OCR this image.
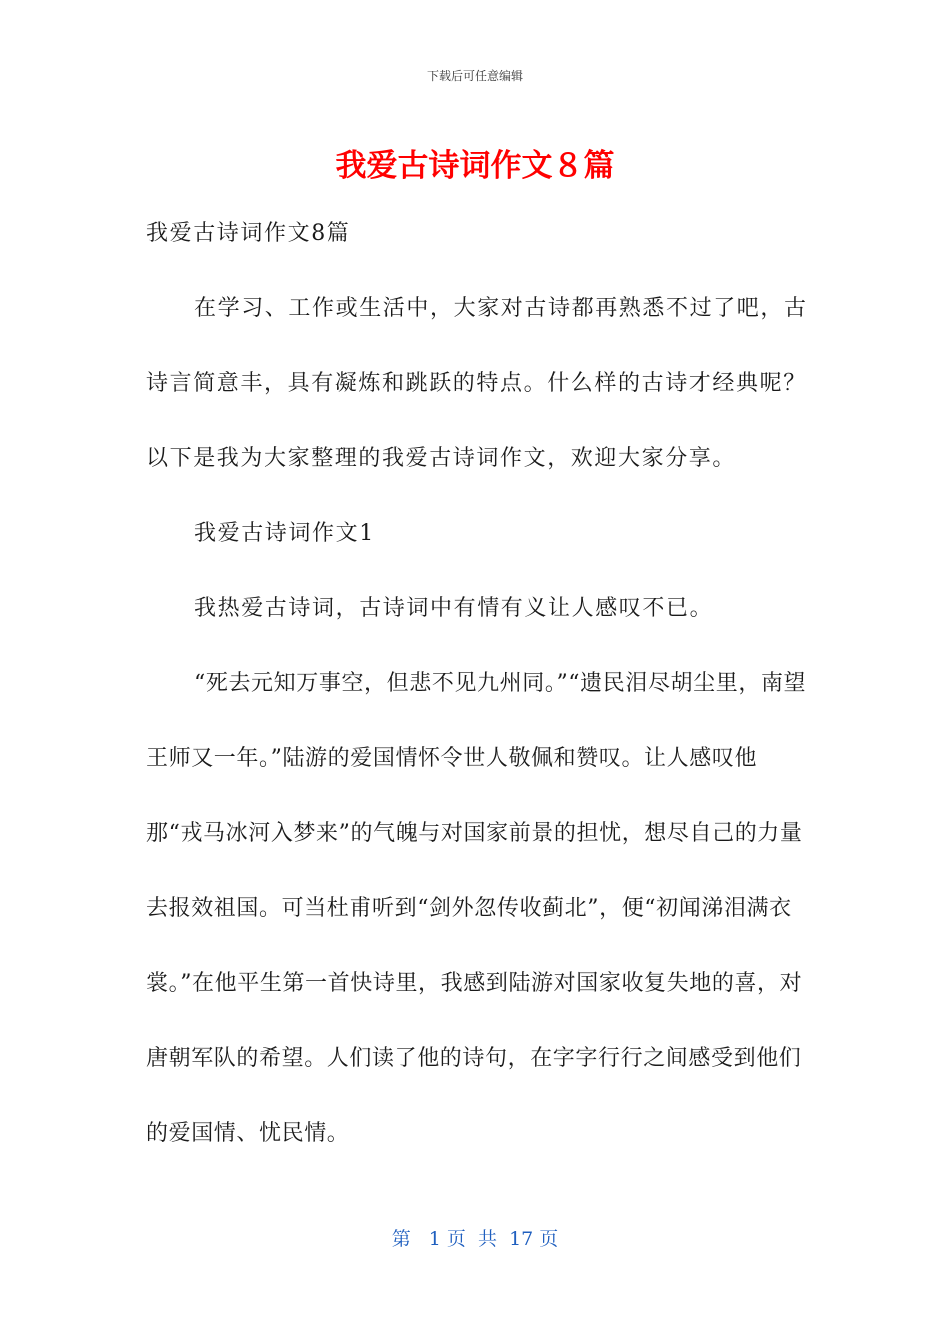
下载后可任意编辑
我爱古诗词作文８篇

我爱古诗词作文8篇

在学习、工作或生活中，大家对古诗都再熟悉不过了吧，古诗言简意丰，具有凝炼和跳跃的特点。什么样的古诗才经典呢？以下是我为大家整理的我爱古诗词作文，欢迎大家分享。

我爱古诗词作文1

我热爱古诗词，古诗词中有情有义让人感叹不已。

“死去元知万事空，但悲不见九州同。”“遗民泪尽胡尘里，南望王师又一年。”陆游的爱国情怀令世人敬佩和赞叹。让人感叹他那“戎马冰河入梦来”的气魄与对国家前景的担忧，想尽自己的力量去报效祖国。可当杜甫听到“剑外忽传收蓟北”，便“初闻涕泪满衣裳。”在他平生第一首快诗里，我感到陆游对国家收复失地的喜，对唐朝军队的希望。人们读了他的诗句，在字字行行之间感受到他们的爱国情、忧民情。

第   1 页  共  17 页
